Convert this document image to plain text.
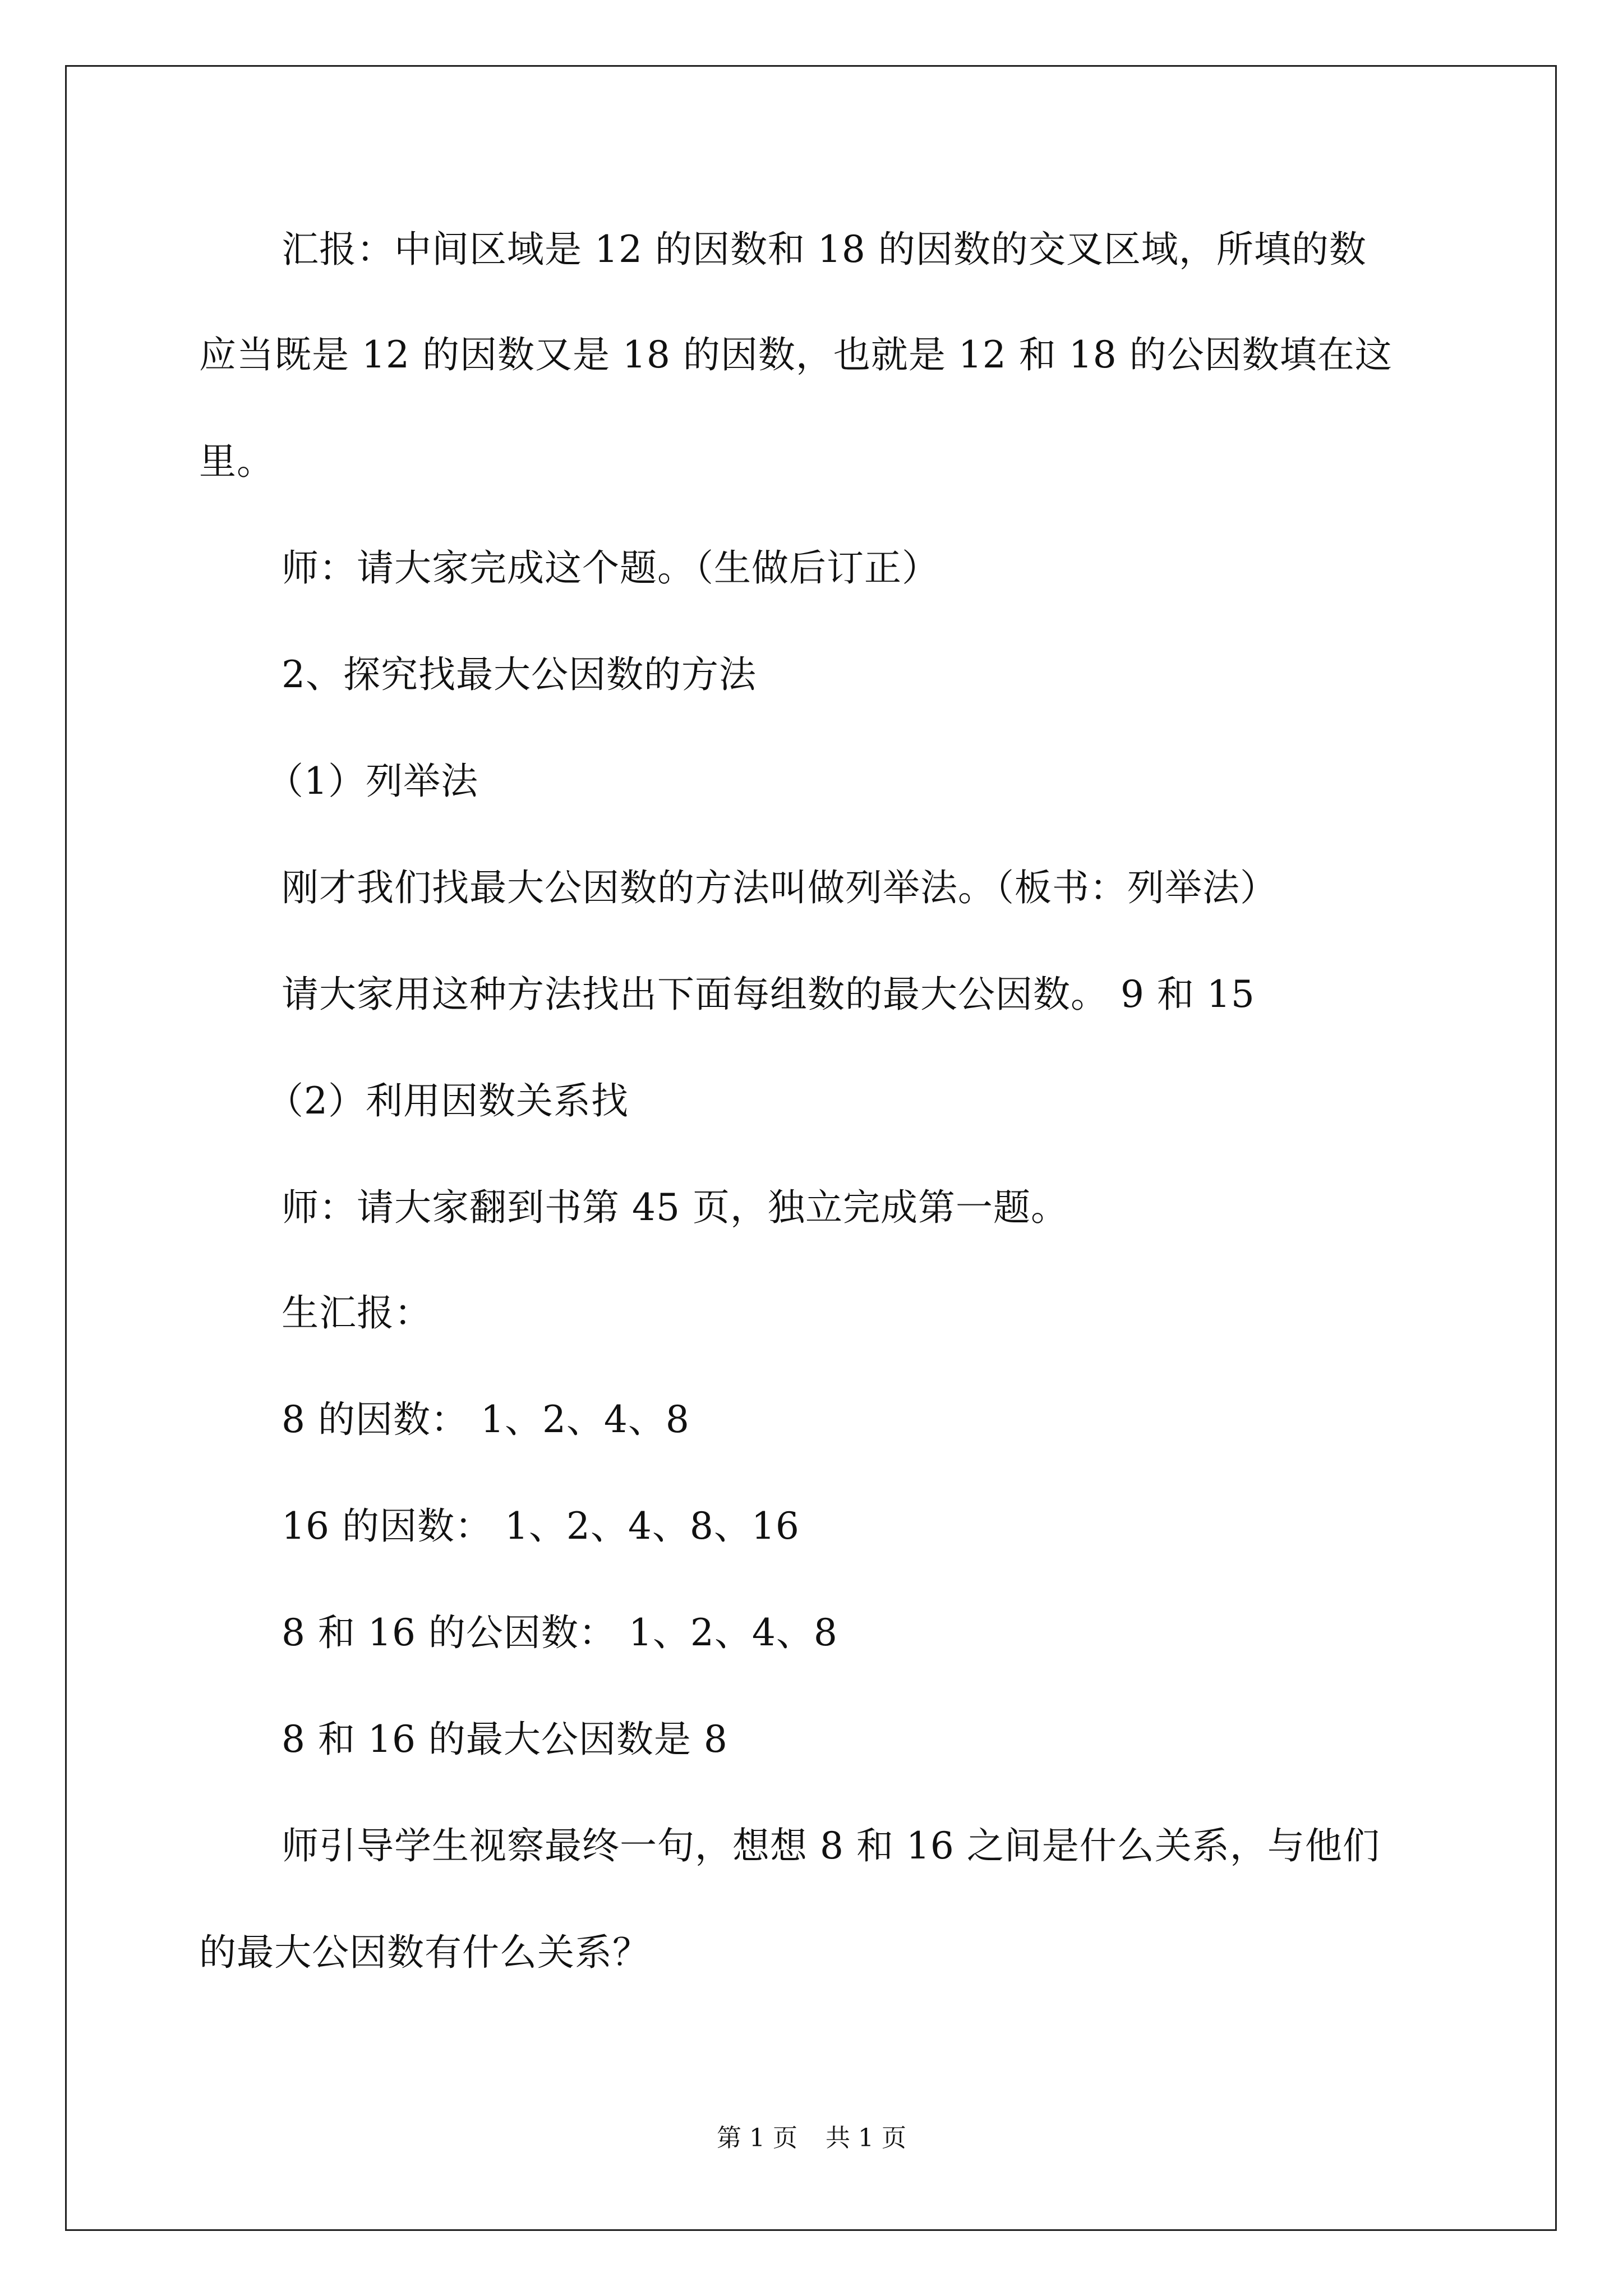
汇报：中间区域是 12 的因数和 18 的因数的交叉区域，所填的数
应当既是 12 的因数又是 18 的因数，也就是 12 和 18 的公因数填在这
里。
师：请大家完成这个题。（生做后订正）
2、探究找最大公因数的方法
（1）列举法
刚才我们找最大公因数的方法叫做列举法。（板书：列举法）
请大家用这种方法找出下面每组数的最大公因数。 9 和 15
（2）利用因数关系找
师：请大家翻到书第 45 页，独立完成第一题。
生汇报：
8 的因数： 1、2、4、8
16 的因数： 1、2、4、8、16
8 和 16 的公因数： 1、2、4、8
8 和 16 的最大公因数是 8
师引导学生视察最终一句，想想 8 和 16 之间是什么关系，与他们
的最大公因数有什么关系？
第 1 页 共 1 页
